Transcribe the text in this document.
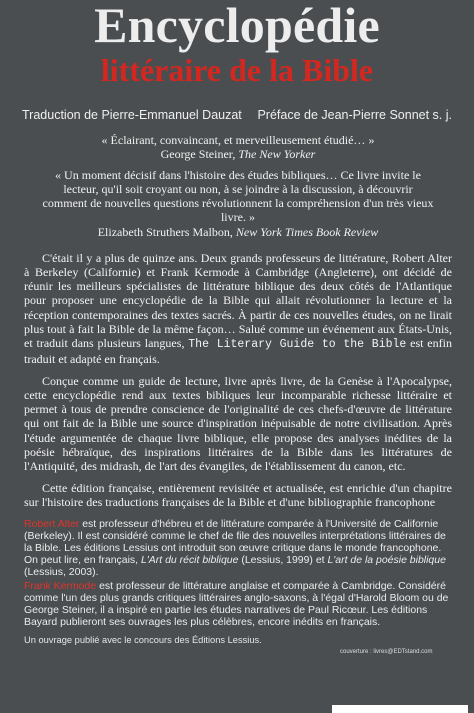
Encyclopédie
littéraire de la Bible
Traduction de Pierre-Emmanuel Dauzat Préface de Jean-Pierre Sonnet s. j.
« Éclairant, convaincant, et merveilleusement étudié… »
George Steiner, The New Yorker
« Un moment décisif dans l'histoire des études bibliques… Ce livre invite le lecteur, qu'il soit croyant ou non, à se joindre à la discussion, à découvrir comment de nouvelles questions révolutionnent la compréhension d'un très vieux livre. »
Elizabeth Struthers Malbon, New York Times Book Review
C'était il y a plus de quinze ans. Deux grands professeurs de littérature, Robert Alter à Berkeley (Californie) et Frank Kermode à Cambridge (Angleterre), ont décidé de réunir les meilleurs spécialistes de littérature biblique des deux côtés de l'Atlantique pour proposer une encyclopédie de la Bible qui allait révolutionner la lecture et la réception contemporaines des textes sacrés. À partir de ces nouvelles études, on ne lirait plus tout à fait la Bible de la même façon… Salué comme un événement aux États-Unis, et traduit dans plusieurs langues, The Literary Guide to the Bible est enfin traduit et adapté en français.
Conçue comme un guide de lecture, livre après livre, de la Genèse à l'Apocalypse, cette encyclopédie rend aux textes bibliques leur incomparable richesse littéraire et permet à tous de prendre conscience de l'originalité de ces chefs-d'œuvre de littérature qui ont fait de la Bible une source d'inspiration inépuisable de notre civilisation. Après l'étude argumentée de chaque livre biblique, elle propose des analyses inédites de la poésie hébraïque, des inspirations littéraires de la Bible dans les littératures de l'Antiquité, des midrash, de l'art des évangiles, de l'établissement du canon, etc.
Cette édition française, entièrement revisitée et actualisée, est enrichie d'un chapitre sur l'histoire des traductions françaises de la Bible et d'une bibliographie francophone
Robert Alter est professeur d'hébreu et de littérature comparée à l'Université de Californie (Berkeley). Il est considéré comme le chef de file des nouvelles interprétations littéraires de la Bible. Les éditions Lessius ont introduit son œuvre critique dans le monde francophone. On peut lire, en français, L'Art du récit biblique (Lessius, 1999) et L'art de la poésie biblique (Lessius, 2003).
Frank Kermode est professeur de littérature anglaise et comparée à Cambridge. Considéré comme l'un des plus grands critiques littéraires anglo-saxons, à l'égal d'Harold Bloom ou de George Steiner, il a inspiré en partie les études narratives de Paul Ricœur. Les éditions Bayard publieront ses ouvrages les plus célèbres, encore inédits en français.
Un ouvrage publié avec le concours des Éditions Lessius.
couverture : livres@EDTstand.com
